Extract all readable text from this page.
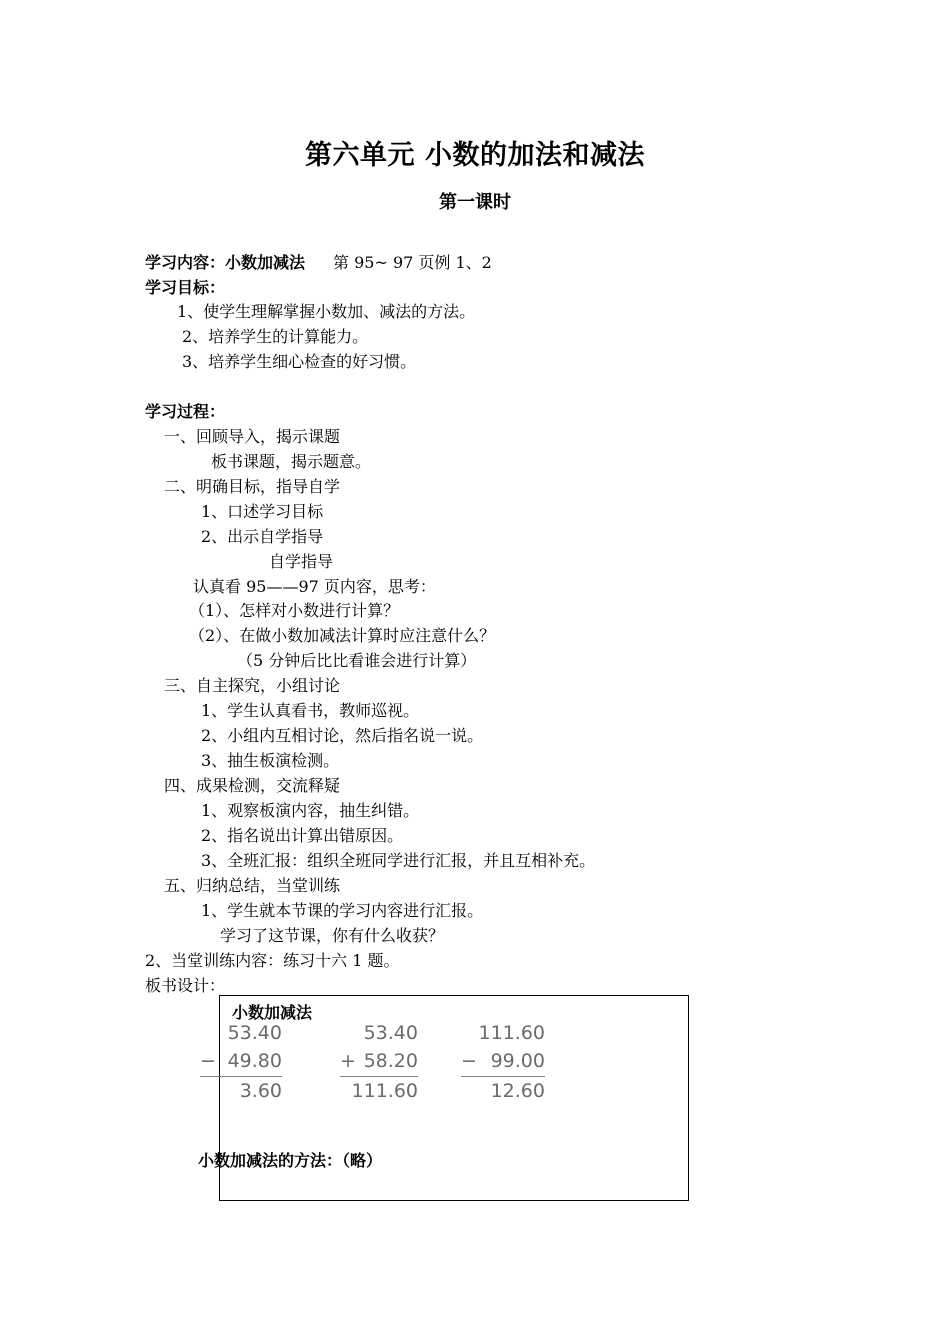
第六单元 小数的加法和减法
第一课时
学习内容：小数加减法 第 95~ 97 页例 1、2
学习目标：
1、使学生理解掌握小数加、减法的方法。
2、培养学生的计算能力。
3、培养学生细心检查的好习惯。
学习过程：
一、回顾导入，揭示课题
板书课题，揭示题意。
二、明确目标，指导自学
1、口述学习目标
2、出示自学指导
自学指导
认真看 95——97 页内容，思考：
（1）、怎样对小数进行计算？
（2）、在做小数加减法计算时应注意什么？
（5 分钟后比比看谁会进行计算）
三、自主探究，小组讨论
1、学生认真看书，教师巡视。
2、小组内互相讨论，然后指名说一说。
3、抽生板演检测。
四、成果检测，交流释疑
1、观察板演内容，抽生纠错。
2、指名说出计算出错原因。
3、全班汇报：组织全班同学进行汇报，并且互相补充。
五、归纳总结，当堂训练
1、学生就本节课的学习内容进行汇报。
学习了这节课，你有什么收获？
2、当堂训练内容：练习十六 1 题。
板书设计：
小数加减法
53.40
− 49.80
3.60
53.40
+ 58.20
111.60
111.60
− 99.00
12.60
小数加减法的方法：（略）
